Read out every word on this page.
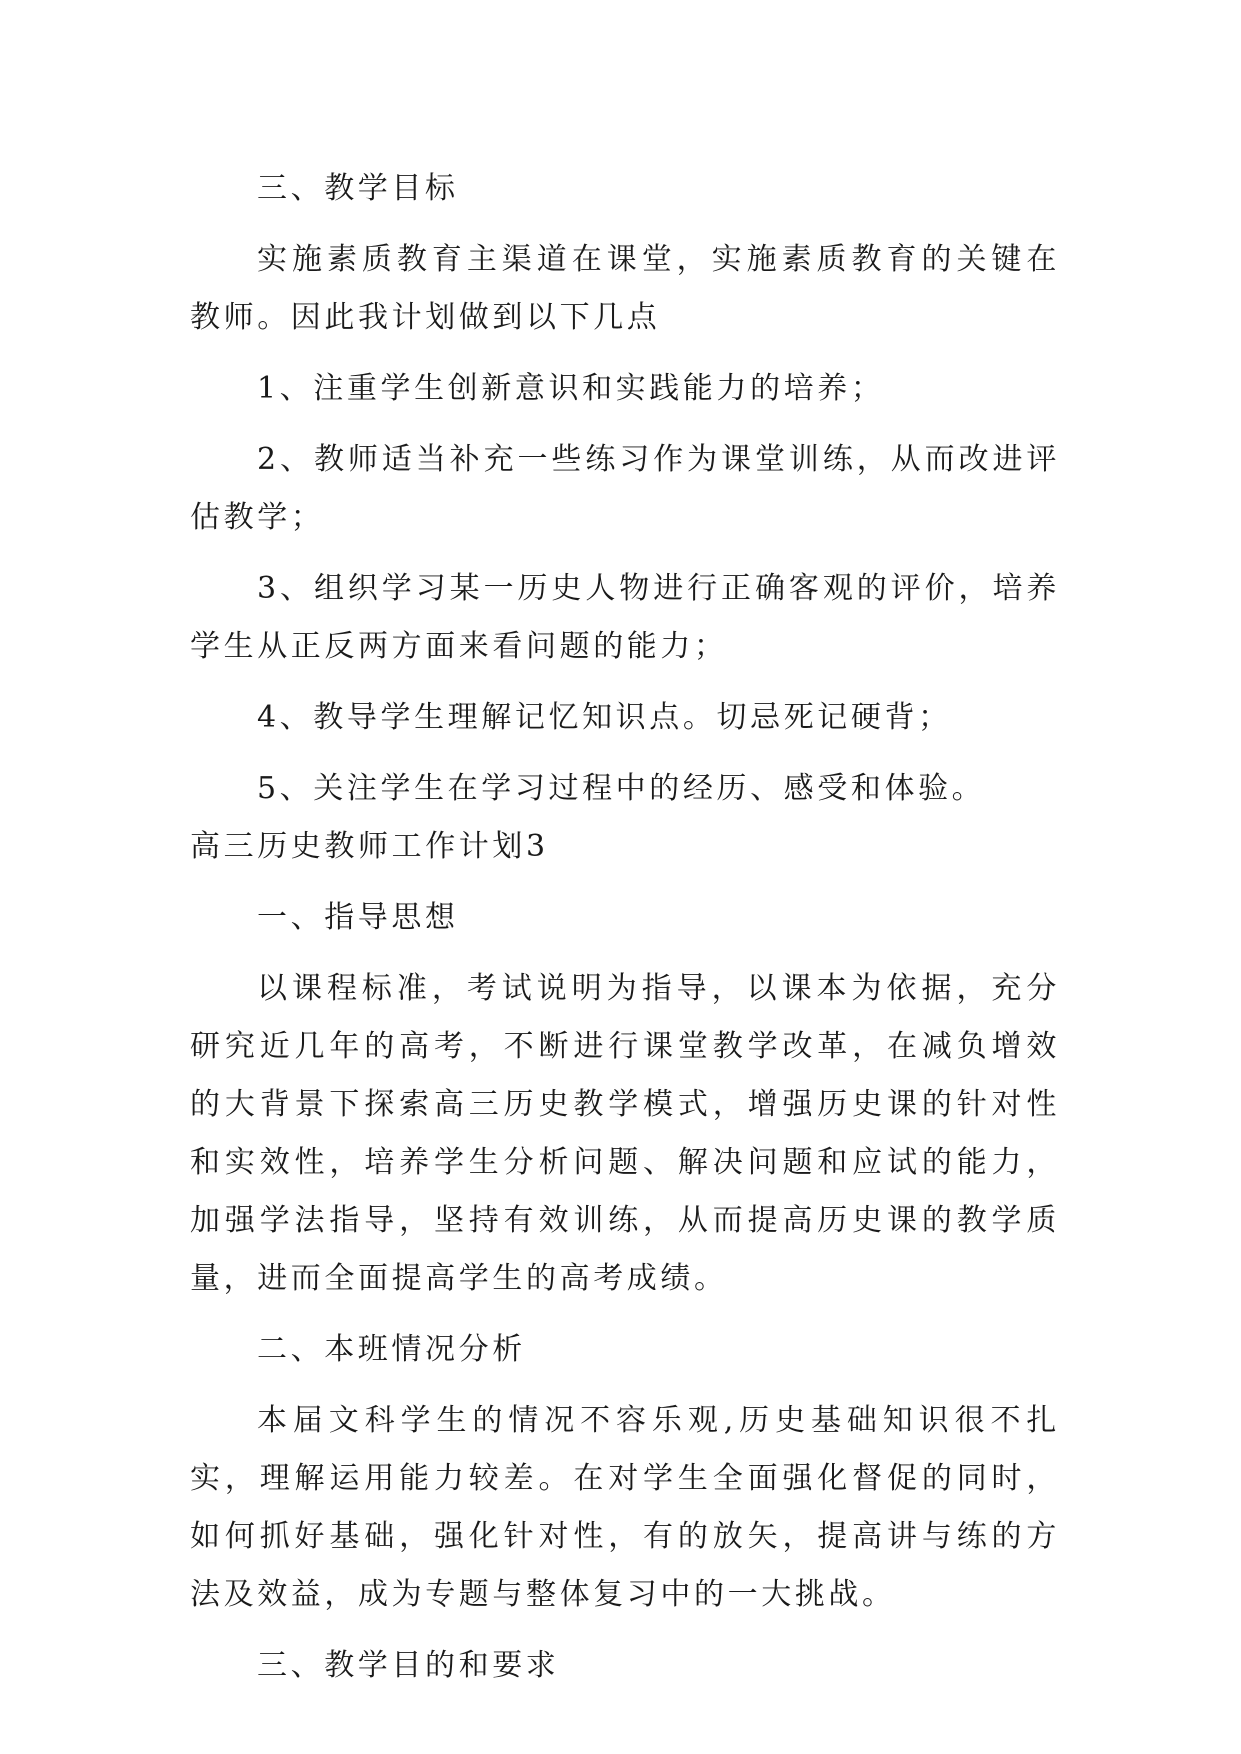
三、教学目标

实施素质教育主渠道在课堂，实施素质教育的关键在教师。因此我计划做到以下几点

1、注重学生创新意识和实践能力的培养；

2、教师适当补充一些练习作为课堂训练，从而改进评估教学；

3、组织学习某一历史人物进行正确客观的评价，培养学生从正反两方面来看问题的能力；

4、教导学生理解记忆知识点。切忌死记硬背；

5、关注学生在学习过程中的经历、感受和体验。

高三历史教师工作计划3

一、指导思想

以课程标准，考试说明为指导，以课本为依据，充分研究近几年的高考，不断进行课堂教学改革，在减负增效的大背景下探索高三历史教学模式，增强历史课的针对性和实效性，培养学生分析问题、解决问题和应试的能力，加强学法指导，坚持有效训练，从而提高历史课的教学质量，进而全面提高学生的高考成绩。

二、本班情况分析

本届文科学生的情况不容乐观,历史基础知识很不扎实，理解运用能力较差。在对学生全面强化督促的同时，如何抓好基础，强化针对性，有的放矢，提高讲与练的方法及效益，成为专题与整体复习中的一大挑战。

三、教学目的和要求
